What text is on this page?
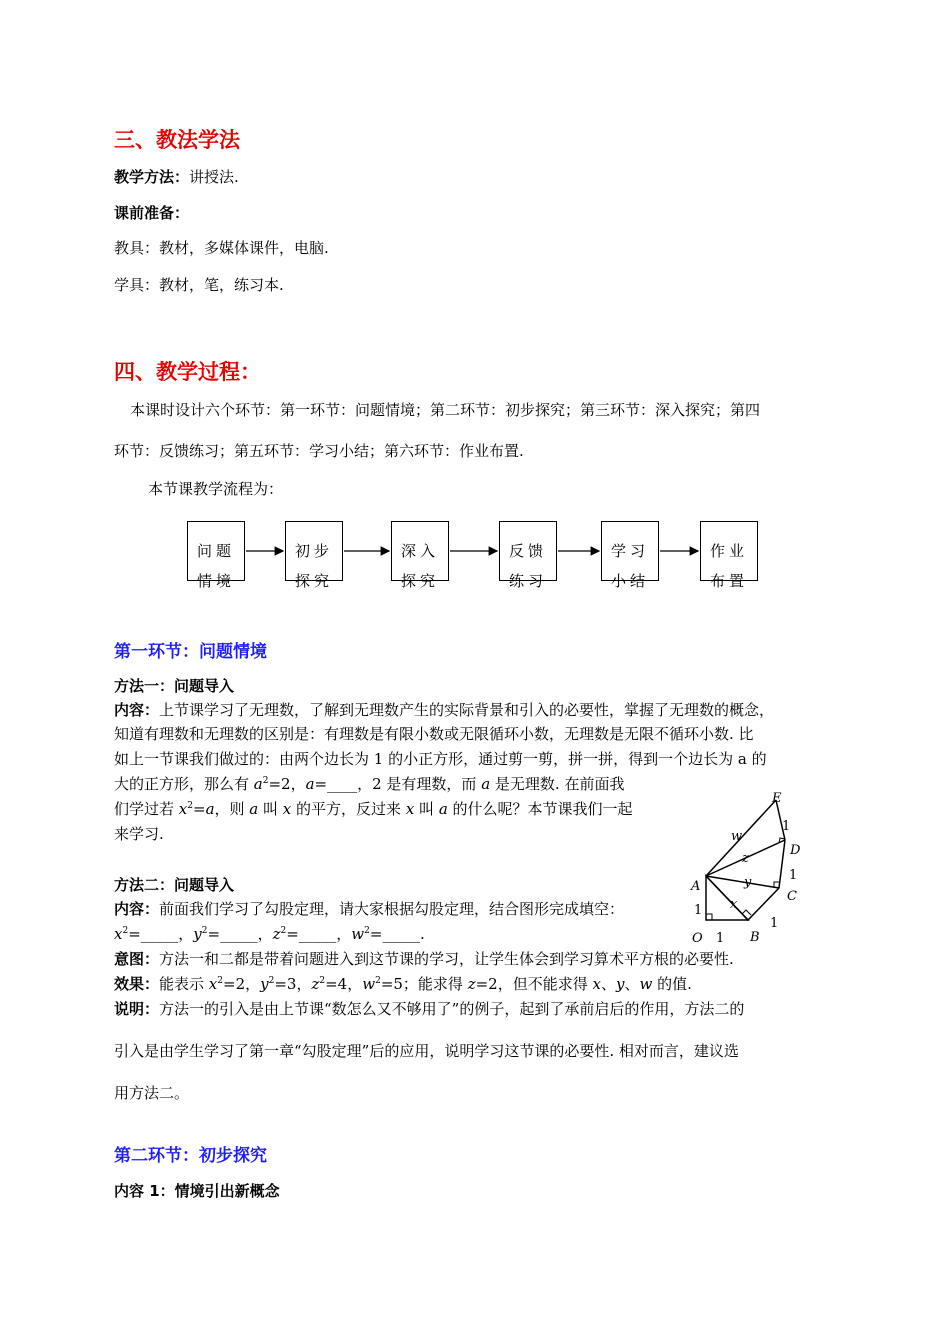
三、教法学法
教学方法：讲授法.
课前准备：
教具：教材，多媒体课件，电脑.
学具：教材，笔，练习本.
四、教学过程：
本课时设计六个环节：第一环节：问题情境；第二环节：初步探究；第三环节：深入探究；第四
环节：反馈练习；第五环节：学习小结；第六环节：作业布置.
本节课教学流程为：
问题
情境
初步
探究
深入
探究
反馈
练习
学习
小结
作业
布置
第一环节：问题情境
方法一：问题导入
内容：上节课学习了无理数，了解到无理数产生的实际背景和引入的必要性，掌握了无理数的概念，
知道有理数和无理数的区别是：有理数是有限小数或无限循环小数，无理数是无限不循环小数. 比
如上一节课我们做过的：由两个边长为 1 的小正方形，通过剪一剪，拼一拼，得到一个边长为 a 的
大的正方形，那么有 $a^2=2$，a=____，2 是有理数，而 a 是无理数. 在前面我
们学过若 $x^2=a$，则 a 叫 x 的平方，反过来 x 叫 a 的什么呢？本节课我们一起
来学习.
方法二：问题导入
内容：前面我们学习了勾股定理，请大家根据勾股定理，结合图形完成填空：
$x^2=\_\_\_\_\_$，$y^2=\_\_\_\_\_$，$z^2=\_\_\_\_\_$，$w^2=\_\_\_\_\_$.
意图：方法一和二都是带着问题进入到这节课的学习，让学生体会到学习算术平方根的必要性.
效果：能表示 $x^2=2$，$y^2=3$，$z^2=4$，$w^2=5$；能求得 z=2，但不能求得 x、y、w 的值.
说明：方法一的引入是由上节课“数怎么又不够用了”的例子，起到了承前启后的作用，方法二的
引入是由学生学习了第一章“勾股定理”后的应用，说明学习这节课的必要性. 相对而言，建议选
用方法二。
E
D
C
A
B
O 1
1
1
1
1
w
z
y
x
第二环节：初步探究
内容 1：情境引出新概念
